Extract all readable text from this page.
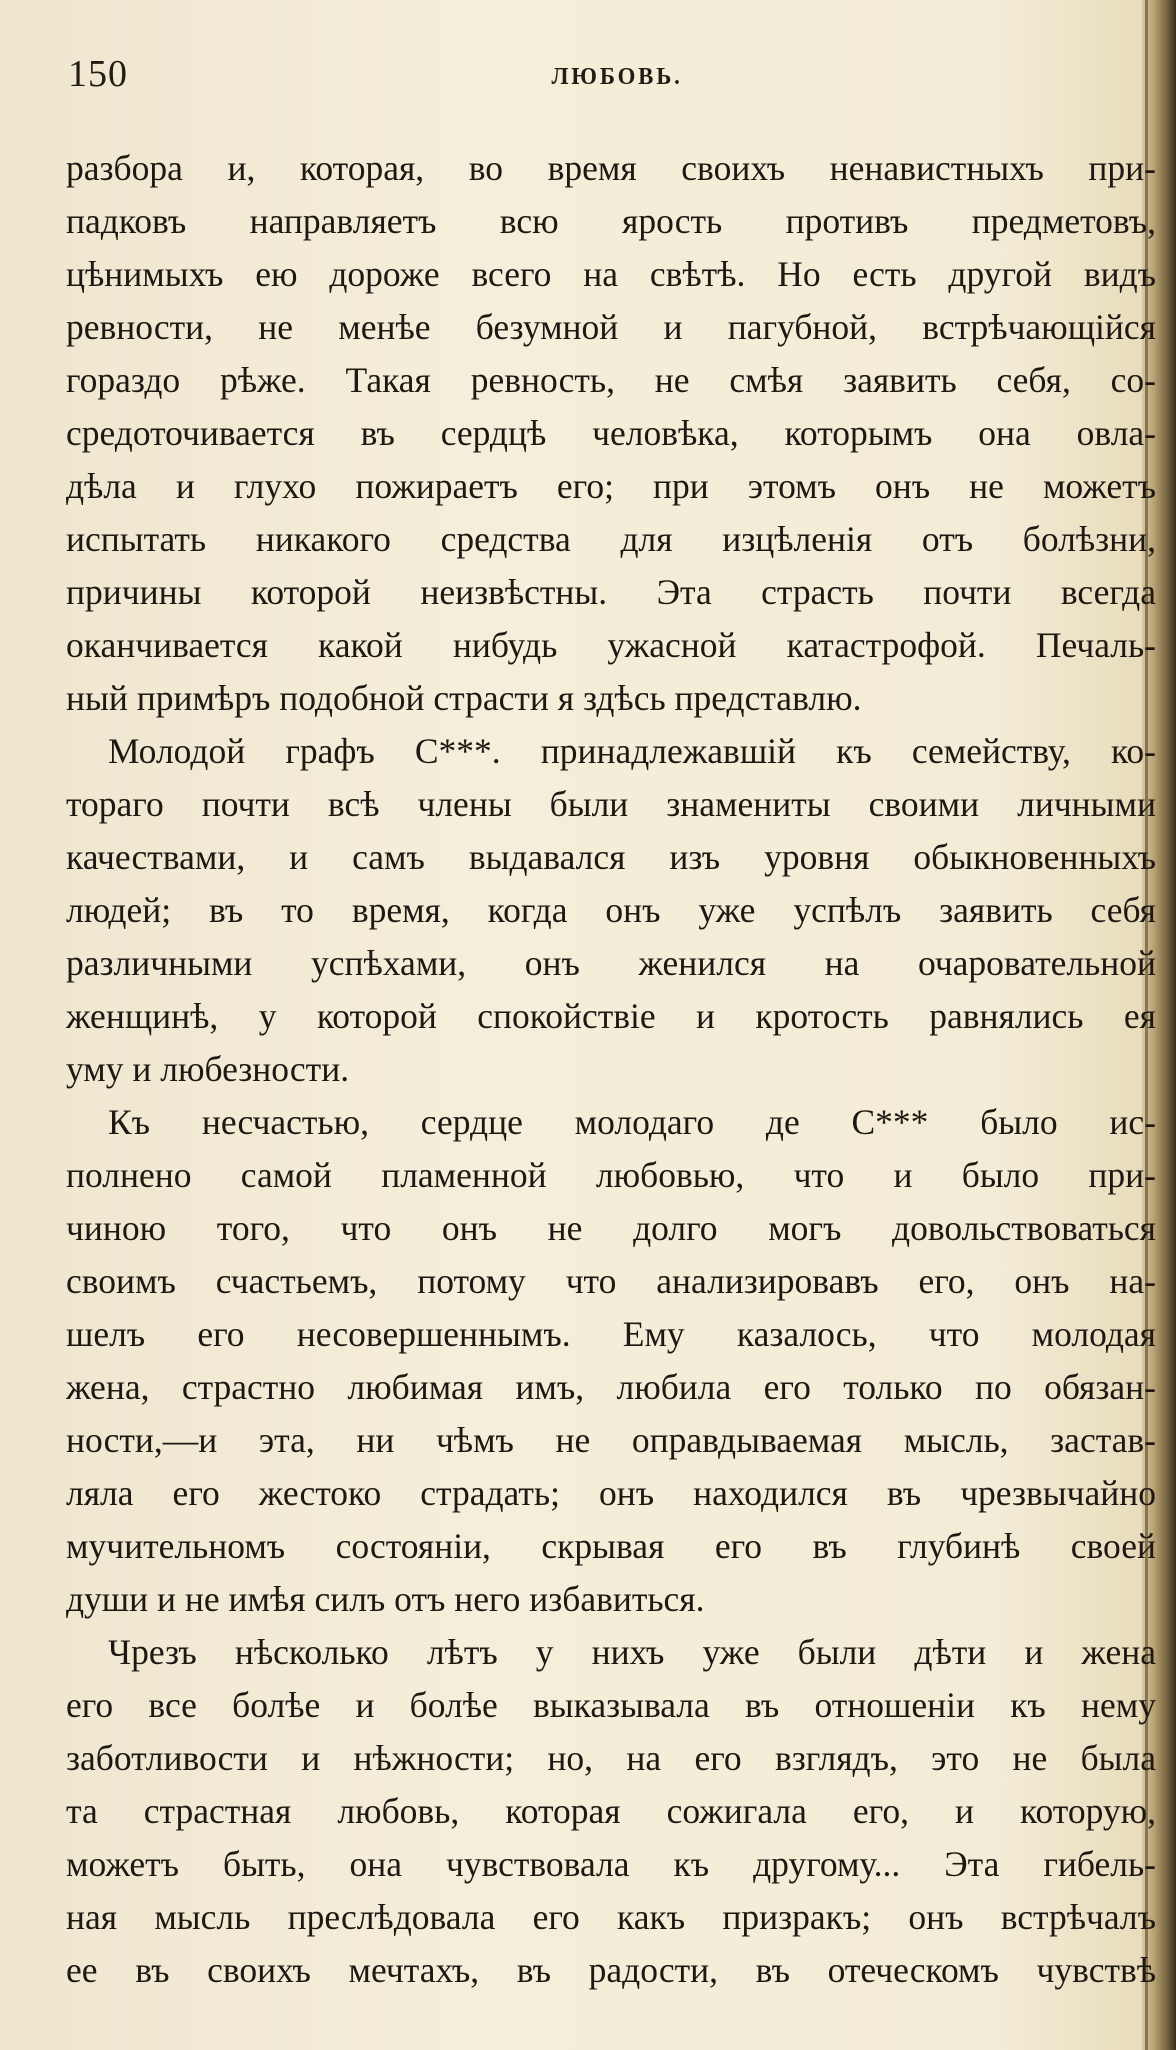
150	ЛЮБОВЬ.
разбора и, которая, во время своихъ ненавистныхъ при-
падковъ направляетъ всю ярость противъ предметовъ,
цѣнимыхъ ею дороже всего на свѣтѣ. Но есть другой видъ
ревности, не менѣе безумной и пагубной, встрѣчающійся
гораздо рѣже. Такая ревность, не смѣя заявить себя, со-
средоточивается въ сердцѣ человѣка, которымъ она овла-
дѣла и глухо пожираетъ его; при этомъ онъ не можетъ
испытать никакого средства для изцѣленія отъ болѣзни,
причины которой неизвѣстны. Эта страсть почти всегда
оканчивается какой нибудь ужасной катастрофой. Печаль-
ный примѣръ подобной страсти я здѣсь представлю.
Молодой графъ С***. принадлежавшій къ семейству, ко-
тораго почти всѣ члены были знамениты своими личными
качествами, и самъ выдавался изъ уровня обыкновенныхъ
людей; въ то время, когда онъ уже успѣлъ заявить себя
различными успѣхами, онъ женился на очаровательной
женщинѣ, у которой спокойствіе и кротость равнялись ея
уму и любезности.
Къ несчастью, сердце молодаго де С*** было ис-
полнено самой пламенной любовью, что и было при-
чиною того, что онъ не долго могъ довольствоваться
своимъ счастьемъ, потому что анализировавъ его, онъ на-
шелъ его несовершеннымъ. Ему казалось, что молодая
жена, страстно любимая имъ, любила его только по обязан-
ности,—и эта, ни чѣмъ не оправдываемая мысль, застав-
ляла его жестоко страдать; онъ находился въ чрезвычайно
мучительномъ состояніи, скрывая его въ глубинѣ своей
души и не имѣя силъ отъ него избавиться.
Чрезъ нѣсколько лѣтъ у нихъ уже были дѣти и жена
его все болѣе и болѣе выказывала въ отношеніи къ нему
заботливости и нѣжности; но, на его взглядъ, это не была
та страстная любовь, которая сожигала его, и которую,
можетъ быть, она чувствовала къ другому... Эта гибель-
ная мысль преслѣдовала его какъ призракъ; онъ встрѣчалъ
ее въ своихъ мечтахъ, въ радости, въ отеческомъ чувствѣ
